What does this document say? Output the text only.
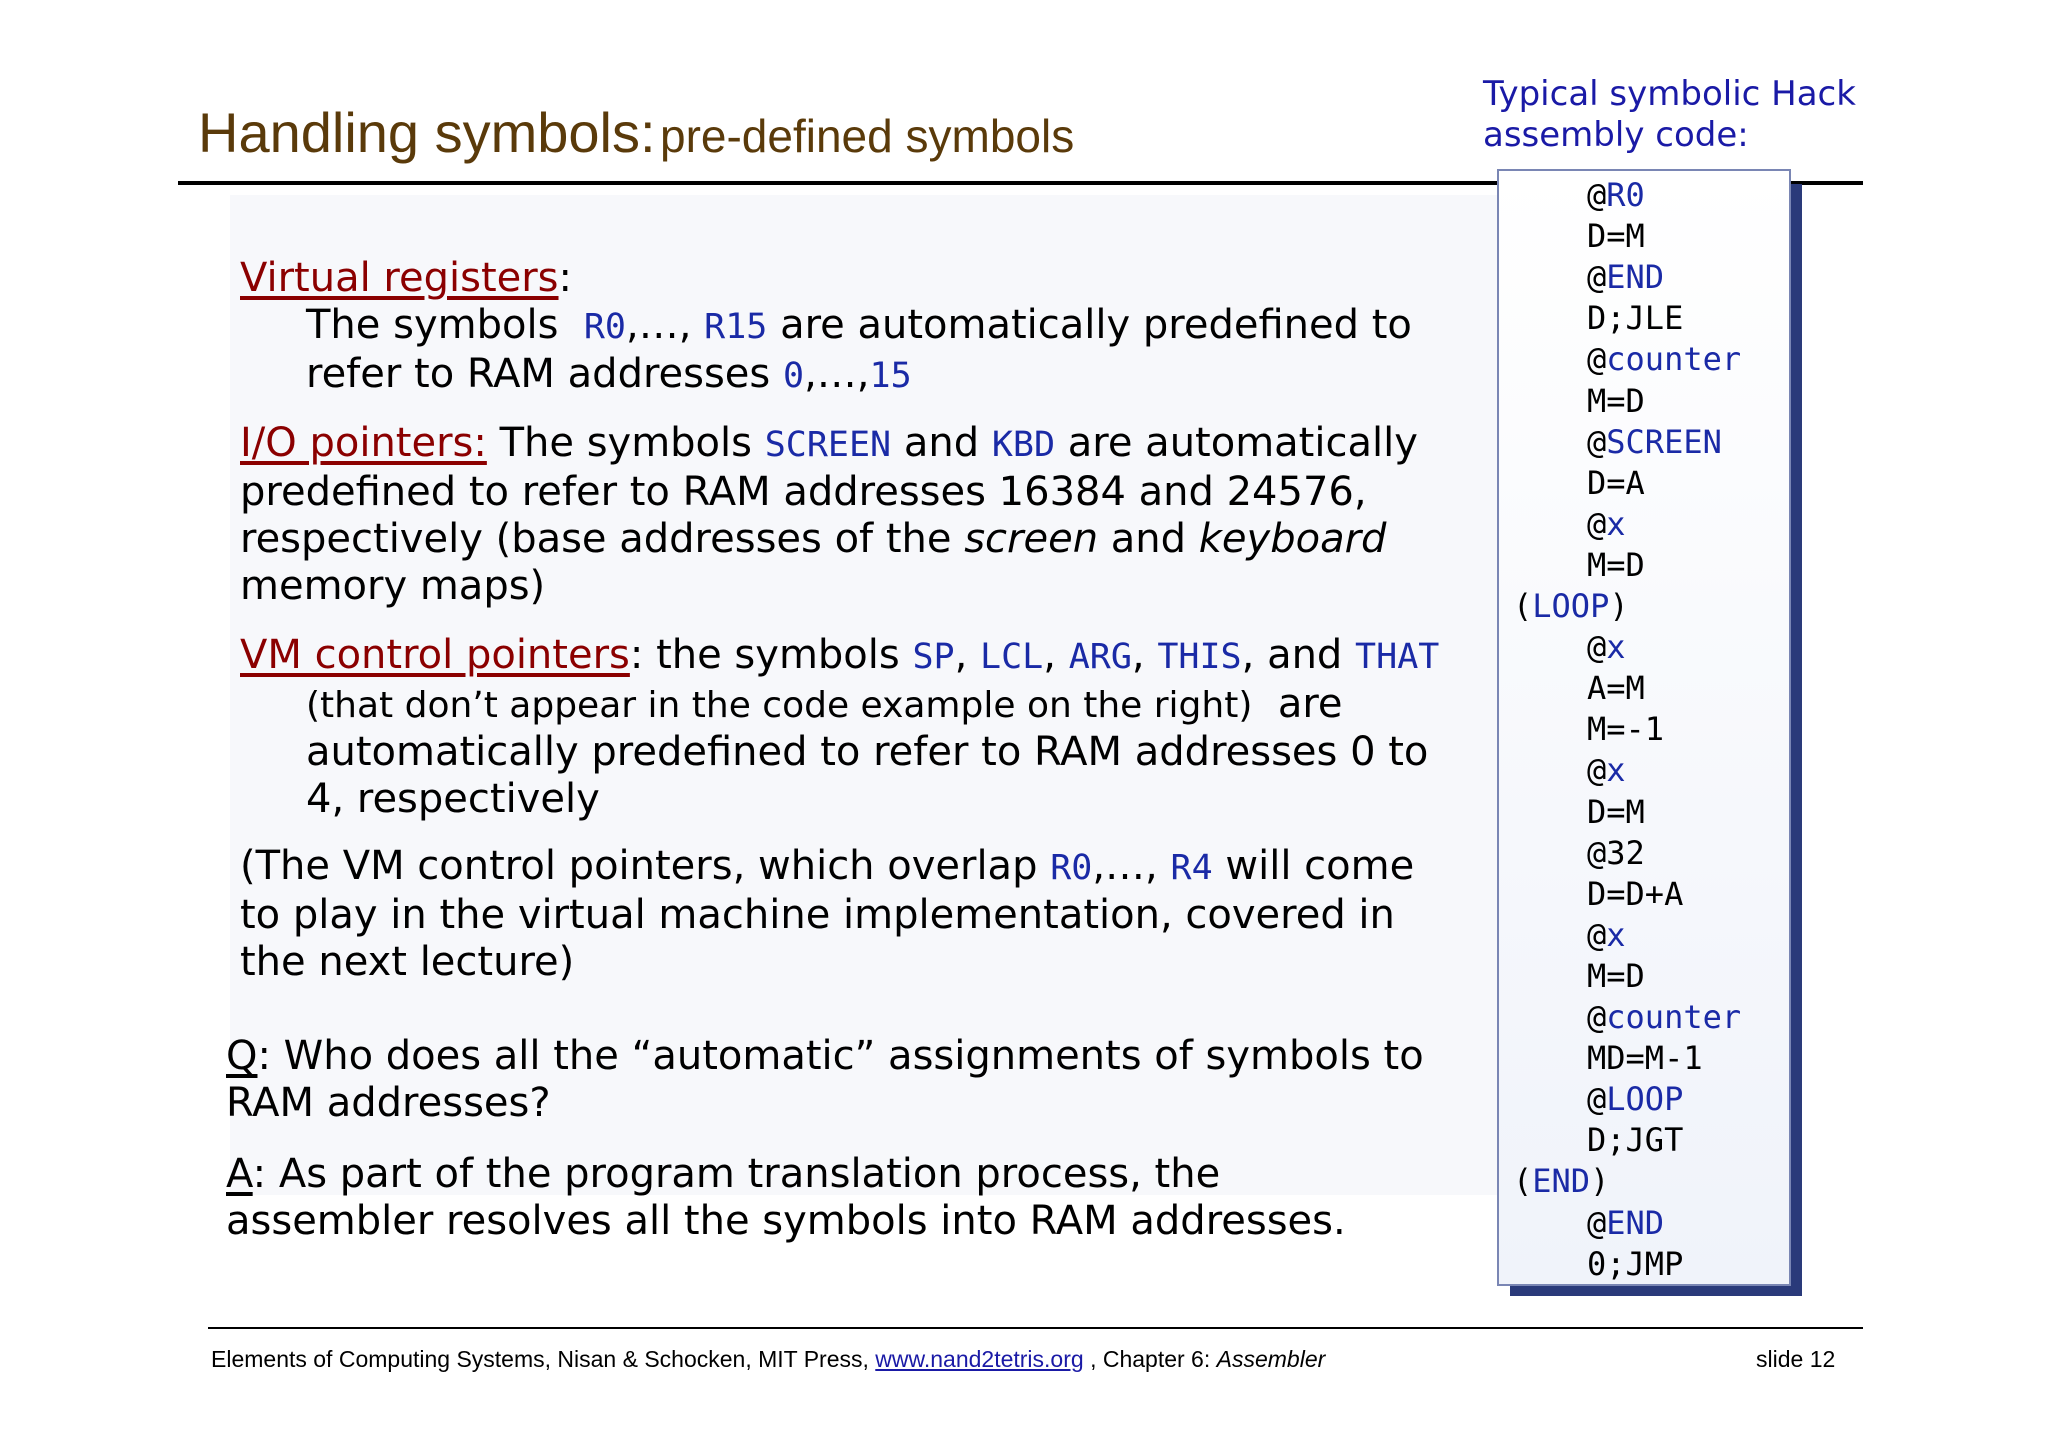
Handling symbols: pre-defined symbols
Virtual registers:
The symbols R0,…, R15 are automatically predefined to refer to RAM addresses 0,…,15
I/O pointers: The symbols SCREEN and KBD are automatically predefined to refer to RAM addresses 16384 and 24576, respectively (base addresses of the screen and keyboard memory maps)
VM control pointers: the symbols SP, LCL, ARG, THIS, and THAT
(that don’t appear in the code example on the right) are automatically predefined to refer to RAM addresses 0 to 4, respectively
(The VM control pointers, which overlap R0,…, R4 will come to play in the virtual machine implementation, covered in the next lecture)
Q: Who does all the “automatic” assignments of symbols to RAM addresses?
A: As part of the program translation process, the assembler resolves all the symbols into RAM addresses.
Typical symbolic Hack
assembly code:
@R0
D=M
@END
D;JLE
@counter
M=D
@SCREEN
D=A
@x
M=D
(LOOP)
@x
A=M
M=-1
@x
D=M
@32
D=D+A
@x
M=D
@counter
MD=M-1
@LOOP
D;JGT
(END)
@END
0;JMP
Elements of Computing Systems, Nisan & Schocken, MIT Press, www.nand2tetris.org , Chapter 6: Assembler	slide 12
